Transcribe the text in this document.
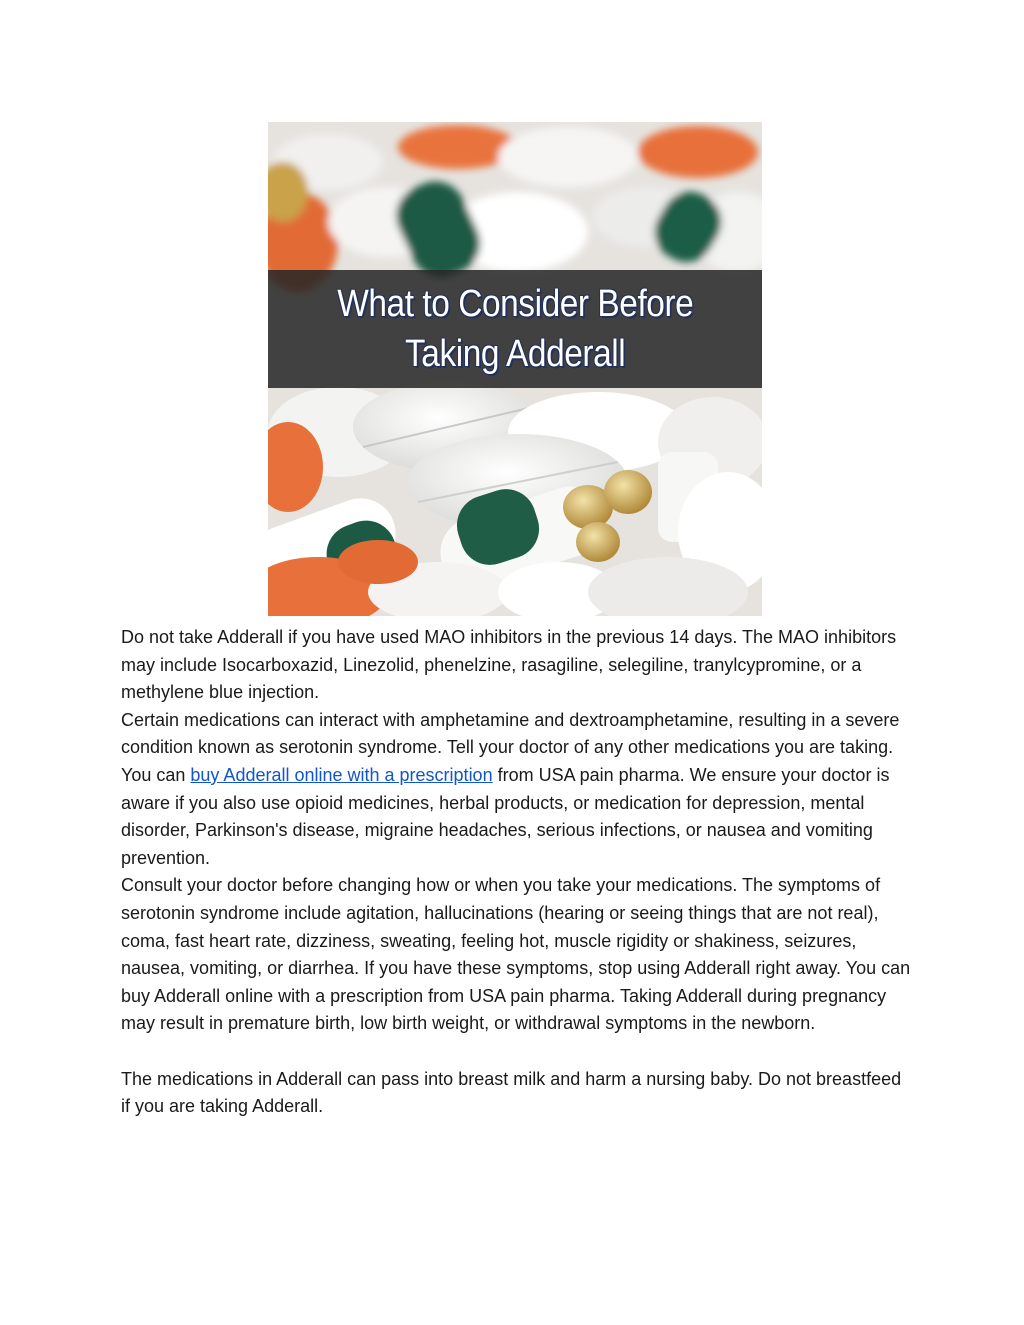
What to Consider Before
Taking Adderall

Do not take Adderall if you have used MAO inhibitors in the previous 14 days. The MAO inhibitors may include Isocarboxazid, Linezolid, phenelzine, rasagiline, selegiline, tranylcypromine, or a methylene blue injection.

Certain medications can interact with amphetamine and dextroamphetamine, resulting in a severe condition known as serotonin syndrome. Tell your doctor of any other medications you are taking. You can buy Adderall online with a prescription from USA pain pharma. We ensure your doctor is aware if you also use opioid medicines, herbal products, or medication for depression, mental disorder, Parkinson's disease, migraine headaches, serious infections, or nausea and vomiting prevention.

Consult your doctor before changing how or when you take your medications. The symptoms of serotonin syndrome include agitation, hallucinations (hearing or seeing things that are not real), coma, fast heart rate, dizziness, sweating, feeling hot, muscle rigidity or shakiness, seizures, nausea, vomiting, or diarrhea. If you have these symptoms, stop using Adderall right away. You can buy Adderall online with a prescription from USA pain pharma. Taking Adderall during pregnancy may result in premature birth, low birth weight, or withdrawal symptoms in the newborn.

The medications in Adderall can pass into breast milk and harm a nursing baby. Do not breastfeed if you are taking Adderall.
